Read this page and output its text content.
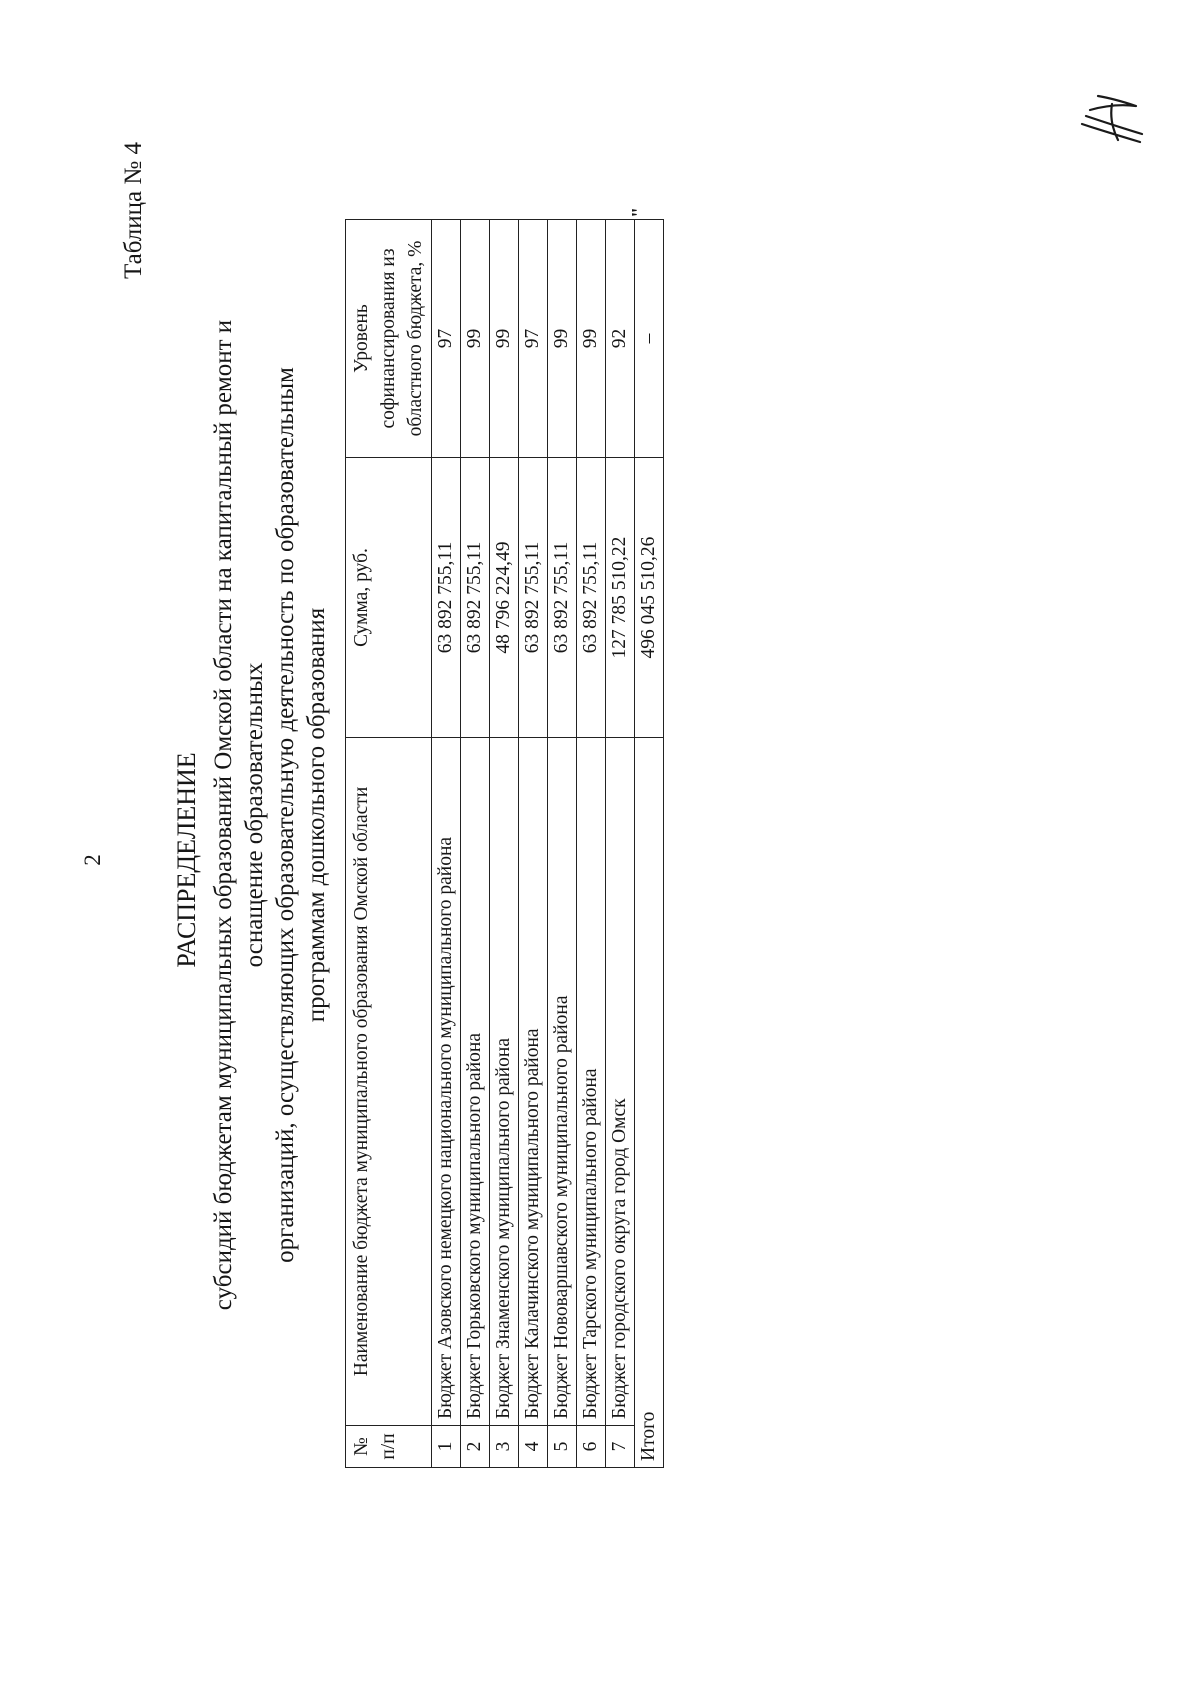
2
Таблица № 4
РАСПРЕДЕЛЕНИЕ субсидий бюджетам муниципальных образований Омской области на капитальный ремонт и оснащение образовательных организаций, осуществляющих образовательную деятельность по образовательным программам дошкольного образования
№ п/п	Наименование бюджета муниципального образования Омской области	Сумма, руб.	Уровень софинансирования из областного бюджета, %
1	Бюджет Азовского немецкого национального муниципального района	63 892 755,11	97
2	Бюджет Горьковского муниципального района	63 892 755,11	99
3	Бюджет Знаменского муниципального района	48 796 224,49	99
4	Бюджет Калачинского муниципального района	63 892 755,11	97
5	Бюджет Нововаршавского муниципального района	63 892 755,11	99
6	Бюджет Тарского муниципального района	63 892 755,11	99
7	Бюджет городского округа город Омск	127 785 510,22	92
Итого		496 045 510,26	–
"
